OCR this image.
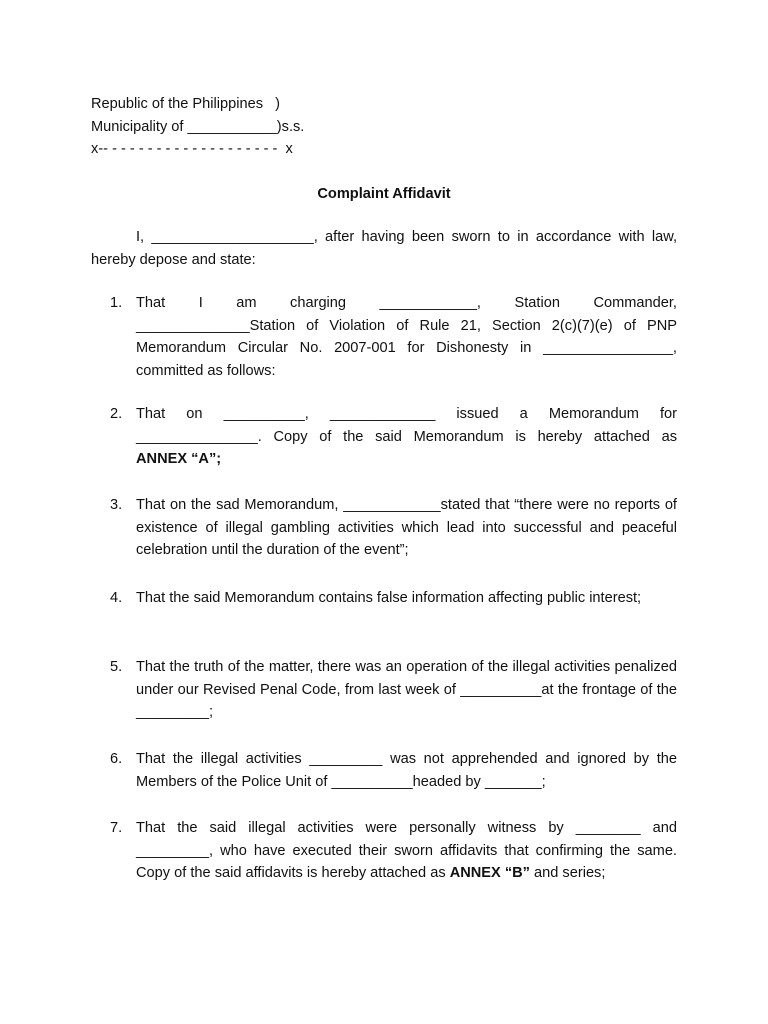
Republic of the Philippines   )
Municipality of ___________)s.s.
x-- - - - - - - - - - - - - - - - - - - -  x
Complaint Affidavit
I, ____________________, after having been sworn to in accordance with law, hereby depose and state:
1. That I am charging ____________, Station Commander,

______________Station of Violation of Rule 21, Section 2(c)(7)(e) of PNP Memorandum Circular No. 2007-001 for Dishonesty in ________________, committed as follows:

2. That on __________, _____________ issued a Memorandum for
_______________. Copy of the said Memorandum is hereby attached as
ANNEX “A”;
3. That on the sad Memorandum, ____________stated that “there were no reports of existence of illegal gambling activities which lead into successful and peaceful celebration until the duration of the event”;

4. That the said Memorandum contains false information affecting public interest;

5. That the truth of the matter, there was an operation of the illegal activities penalized under our Revised Penal Code, from last week of __________at the frontage of the _________;

6. That the illegal activities _________ was not apprehended and ignored by the Members of the Police Unit of __________headed by _______;

7. That the said illegal activities were personally witness by ________ and _________, who have executed their sworn affidavits that confirming the same. Copy of the said affidavits is hereby attached as ANNEX “B” and series;
